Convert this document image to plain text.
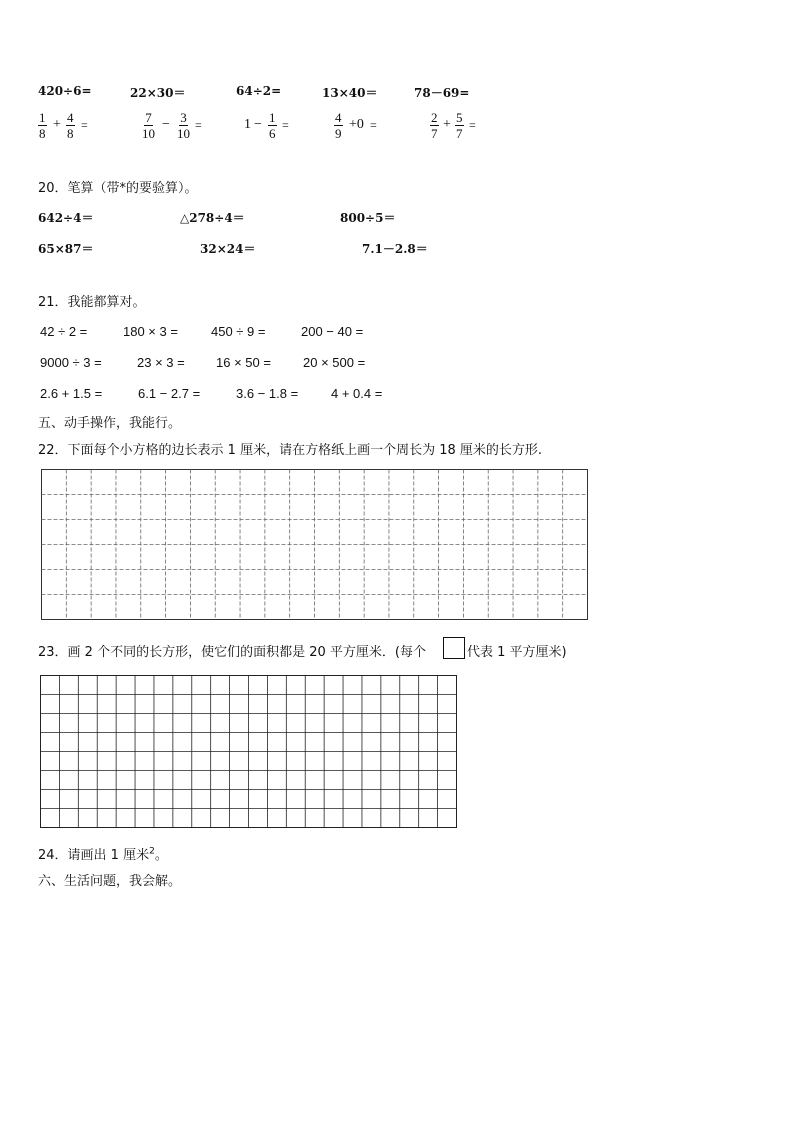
420÷6=	22×30＝	64÷2=	13×40＝	78－69=
$\frac{1}{8} + \frac{4}{8}$ =	$\frac{7}{10} - \frac{3}{10}$ =	$1 - \frac{1}{6}$ =	$\frac{4}{9} +0$ =	$\frac{2}{7} + \frac{5}{7}$ =
20．笔算（带*的要验算）。
642÷4＝	△278÷4＝	800÷5＝
65×87＝	32×24＝	7.1－2.8＝
21．我能都算对。
42 ÷ 2 =	180 × 3 =	450 ÷ 9 =	200 − 40 =
9000 ÷ 3 =	23 × 3 = 16 × 50 = 20 × 500 =
2.6 + 1.5 =	6.1 − 2.7 =	3.6 − 1.8 =	4 + 0.4 =
五、动手操作，我能行。
22．下面每个小方格的边长表示 1 厘米，请在方格纸上画一个周长为 18 厘米的长方形.
23．画 2 个不同的长方形，使它们的面积都是 20 平方厘米．(每个	代表 1 平方厘米)
24．请画出 1 厘米$^2$。
六、生活问题，我会解。
